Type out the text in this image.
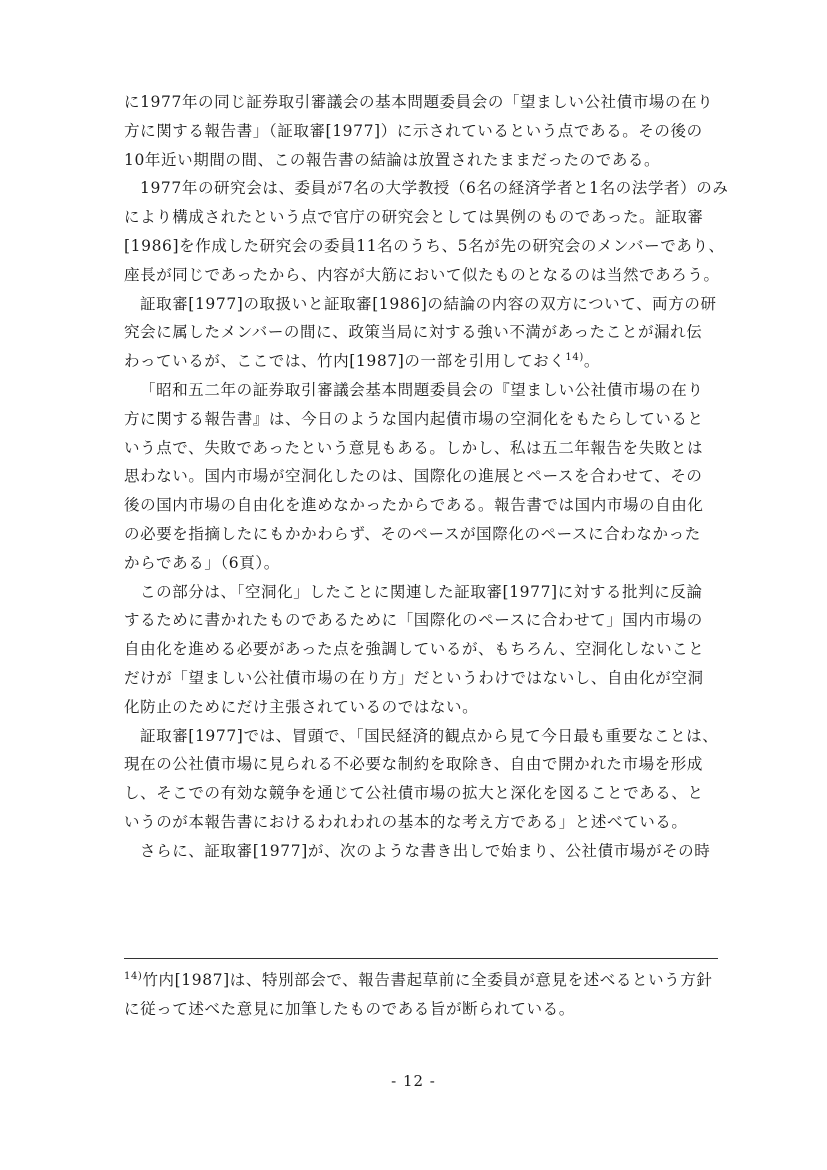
に1977年の同じ証券取引審議会の基本問題委員会の「望ましい公社債市場の在り
方に関する報告書」（証取審[1977]）に示されているという点である。その後の
10年近い期間の間、この報告書の結論は放置されたままだったのである。

1977年の研究会は、委員が7名の大学教授（6名の経済学者と1名の法学者）のみ
により構成されたという点で官庁の研究会としては異例のものであった。証取審
[1986]を作成した研究会の委員11名のうち、5名が先の研究会のメンバーであり、
座長が同じであったから、内容が大筋において似たものとなるのは当然であろう。

証取審[1977]の取扱いと証取審[1986]の結論の内容の双方について、両方の研
究会に属したメンバーの間に、政策当局に対する強い不満があったことが漏れ伝
わっているが、ここでは、竹内[1987]の一部を引用しておく$^{14)}$。

「昭和五二年の証券取引審議会基本問題委員会の『望ましい公社債市場の在り
方に関する報告書』は、今日のような国内起債市場の空洞化をもたらしていると
いう点で、失敗であったという意見もある。しかし、私は五二年報告を失敗とは
思わない。国内市場が空洞化したのは、国際化の進展とペースを合わせて、その
後の国内市場の自由化を進めなかったからである。報告書では国内市場の自由化
の必要を指摘したにもかかわらず、そのペースが国際化のペースに合わなかった
からである」（6頁）。

この部分は、「空洞化」したことに関連した証取審[1977]に対する批判に反論
するために書かれたものであるために「国際化のペースに合わせて」国内市場の
自由化を進める必要があった点を強調しているが、もちろん、空洞化しないこと
だけが「望ましい公社債市場の在り方」だというわけではないし、自由化が空洞
化防止のためにだけ主張されているのではない。

証取審[1977]では、冒頭で、「国民経済的観点から見て今日最も重要なことは、
現在の公社債市場に見られる不必要な制約を取除き、自由で開かれた市場を形成
し、そこでの有効な競争を通じて公社債市場の拡大と深化を図ることである、と
いうのが本報告書におけるわれわれの基本的な考え方である」と述べている。

さらに、証取審[1977]が、次のような書き出しで始まり、公社債市場がその時

$^{14)}$竹内[1987]は、特別部会で、報告書起草前に全委員が意見を述べるという方針
に従って述べた意見に加筆したものである旨が断られている。
- 12 -
